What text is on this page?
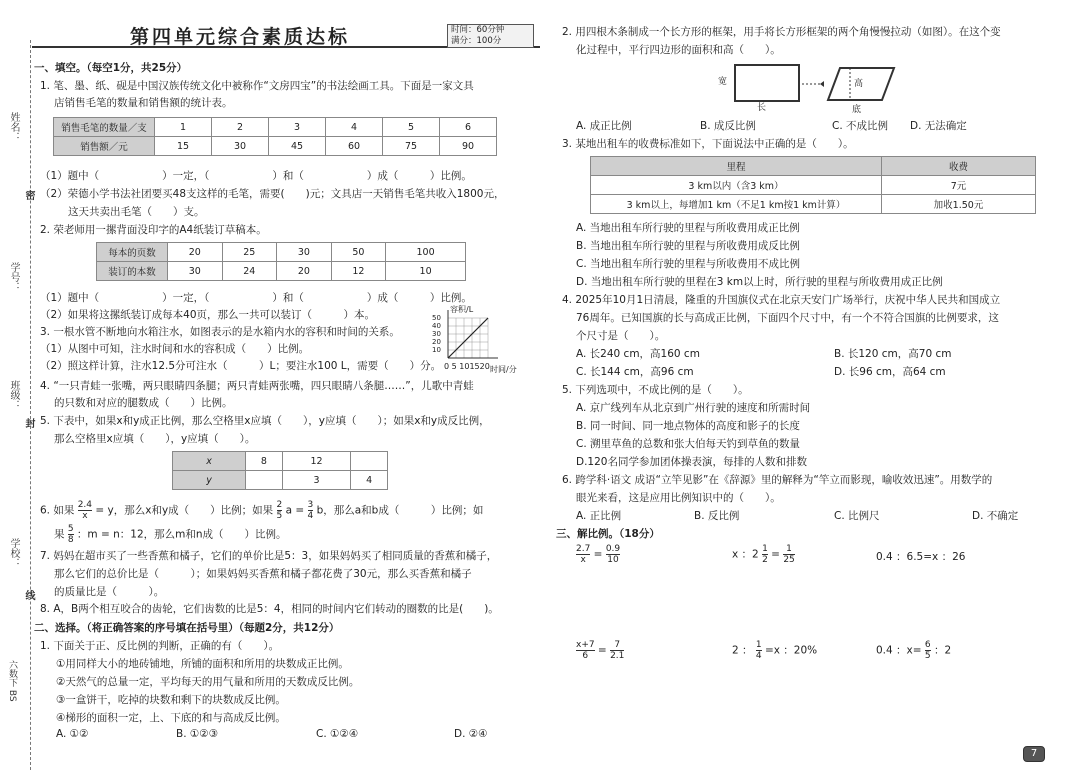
姓名：
学号：
班级：
学校：
密
封
线
六数下 BS
第四单元综合素质达标	时间：60分钟
满分：100分
一、填空。（每空1分，共25分）
1. 笔、墨、纸、砚是中国汉族传统文化中被称作“文房四宝”的书法绘画工具。下面是一家文具
店销售毛笔的数量和销售额的统计表。
销售毛笔的数量／支	1	2	3	4	5	6
销售额／元	15	30	45	60	75	90
（1）题中（　　　　　　）一定，（　　　　　　）和（　　　　　　）成（　　　）比例。
（2）荣德小学书法社团要买48支这样的毛笔，需要(　　)元；文具店一天销售毛笔共收入1800元，
这天共卖出毛笔（　　）支。
2. 荣老师用一摞背面没印字的A4纸装订草稿本。
每本的页数	20	25	30	50	100
装订的本数	30	24	20	12	10
（1）题中（　　　　　　）一定，（　　　　　　）和（　　　　　　）成（　　　）比例。
（2）如果将这摞纸装订成每本40页，那么一共可以装订（　　　）本。
3. 一根水管不断地向水箱注水，如图表示的是水箱内水的容积和时间的关系。
（1）从图中可知，注水时间和水的容积成（　　）比例。
（2）照这样计算，注水12.5分可注水（　　　）L；要注水100 L，需要（　　）分。
容积/L
50
40
30
20
10
0 5 101520 时间/分
4. “一只青蛙一张嘴，两只眼睛四条腿；两只青蛙两张嘴，四只眼睛八条腿……”，儿歌中青蛙
的只数和对应的腿数成（　　）比例。
5. 下表中，如果x和y成正比例，那么空格里x应填（　　），y应填（　　）；如果x和y成反比例，
那么空格里x应填（　　），y应填（　　）。
x	8	12	
y		3	4
6. 如果 $\frac{2.4}{x} = y$，那么x和y成（　　）比例；如果 $\frac{2}{5}$ $a = \frac{3}{4}$ b，那么a和b成（　　　）比例；如
果 $\frac{5}{8}$ ：m = n：12，那么m和n成（　　）比例。
7. 妈妈在超市买了一些香蕉和橘子，它们的单价比是5：3，如果妈妈买了相同质量的香蕉和橘子，
那么它们的总价比是（　　　）；如果妈妈买香蕉和橘子都花费了30元，那么买香蕉和橘子
的质量比是（　　　）。
8. A，B两个相互咬合的齿轮，它们齿数的比是5：4，相同的时间内它们转动的圈数的比是(　　)。
二、选择。（将正确答案的序号填在括号里）（每题2分，共12分）
1. 下面关于正、反比例的判断，正确的有（　　）。
①用同样大小的地砖铺地，所铺的面积和所用的块数成正比例。
②天然气的总量一定，平均每天的用气量和所用的天数成反比例。
③一盒饼干，吃掉的块数和剩下的块数成反比例。
④梯形的面积一定，上、下底的和与高成反比例。
A. ①②	B. ①②③	C. ①②④	D. ②④
2. 用四根木条制成一个长方形的框架，用手将长方形框架的两个角慢慢拉动（如图）。在这个变
化过程中，平行四边形的面积和高（　　）。
宽
长
高
底
A. 成正比例	B. 成反比例	C. 不成比例 D. 无法确定
3. 某地出租车的收费标准如下，下面说法中正确的是（　　）。
里程	收费
3 km以内（含3 km）	7元
3 km以上，每增加1 km（不足1 km按1 km计算）	加收1.50元
A. 当地出租车所行驶的里程与所收费用成正比例
B. 当地出租车所行驶的里程与所收费用成反比例
C. 当地出租车所行驶的里程与所收费用不成比例
D. 当地出租车所行驶的里程在3 km以上时，所行驶的里程与所收费用成正比例
4. 2025年10月1日清晨，隆重的升国旗仪式在北京天安门广场举行，庆祝中华人民共和国成立
76周年。已知国旗的长与高成正比例，下面四个尺寸中，有一个不符合国旗的比例要求，这
个尺寸是（　　）。
A. 长240 cm，高160 cm	B. 长120 cm，高70 cm
C. 长144 cm，高96 cm	D. 长96 cm，高64 cm
5. 下列选项中，不成比例的是（　　）。
A. 京广线列车从北京到广州行驶的速度和所需时间
B. 同一时间、同一地点物体的高度和影子的长度
C. 溯里草鱼的总数和张大伯每天钓到草鱼的数量
D.120名同学参加团体操表演，每排的人数和排数
6. 跨学科·语文 成语“立竿见影”在《辞源》里的解释为“竿立而影现，喻收效迅速”。用数学的
眼光来看，这是应用比例知识中的（　　）。
A. 正比例	B. 反比例	C. 比例尺	D. 不确定
三、解比例。（18分）
$\frac{2.7}{x} = \frac{0.9}{10}$	x ：$2 \frac{1}{2} = \frac{1}{25}$	0.4 ：6.5=x ：26
$\frac{x+7}{6} = \frac{7}{2.1}$	2 ： $\frac{1}{4} =x$ ：20%	0.4 ：$x= \frac{6}{5}$ ：2
7
